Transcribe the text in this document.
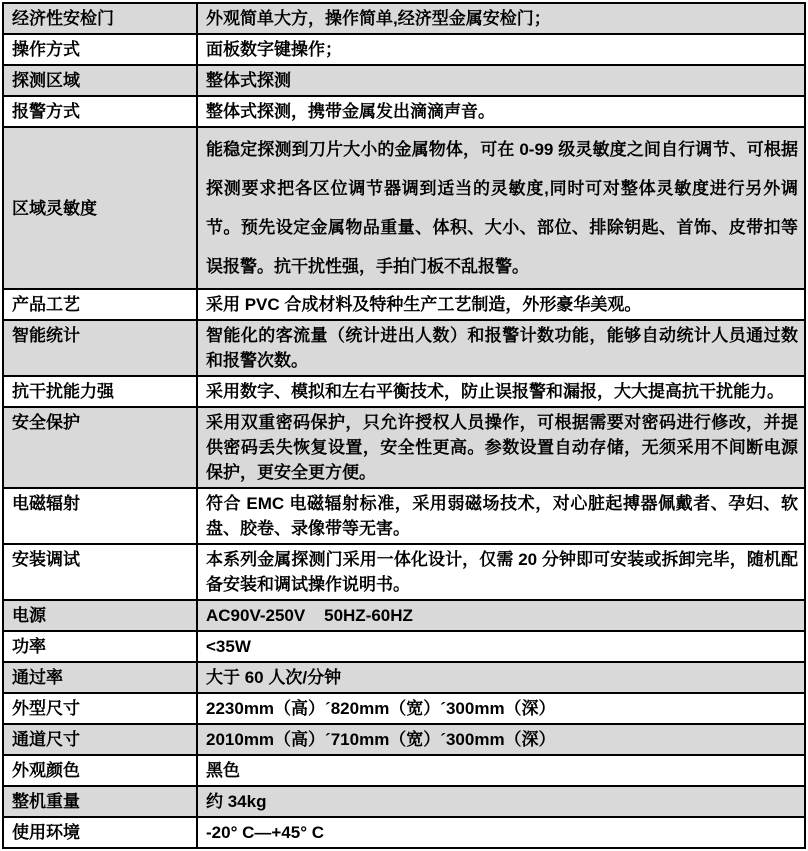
经济性安检门	外观简单大方，操作简单,经济型金属安检门；
操作方式	面板数字键操作；
探测区域	整体式探测
报警方式	整体式探测，携带金属发出滴滴声音。
区域灵敏度	能稳定探测到刀片大小的金属物体，可在 0-99 级灵敏度之间自行调节、可根据探测要求把各区位调节器调到适当的灵敏度,同时可对整体灵敏度进行另外调节。预先设定金属物品重量、体积、大小、部位、排除钥匙、首饰、皮带扣等误报警。抗干扰性强，手拍门板不乱报警。
产品工艺	采用 PVC 合成材料及特种生产工艺制造，外形豪华美观。
智能统计	智能化的客流量（统计进出人数）和报警计数功能，能够自动统计人员通过数和报警次数。
抗干扰能力强	采用数字、模拟和左右平衡技术，防止误报警和漏报，大大提高抗干扰能力。
安全保护	采用双重密码保护，只允许授权人员操作，可根据需要对密码进行修改，并提供密码丢失恢复设置，安全性更高。参数设置自动存储，无须采用不间断电源保护，更安全更方便。
电磁辐射	符合 EMC 电磁辐射标准，采用弱磁场技术，对心脏起搏器佩戴者、孕妇、软盘、胶卷、录像带等无害。
安装调试	本系列金属探测门采用一体化设计，仅需 20 分钟即可安装或拆卸完毕，随机配备安装和调试操作说明书。
电源	AC90V-250V    50HZ-60HZ
功率	<35W
通过率	大于 60 人次/分钟
外型尺寸	2230mm（高）´820mm（宽）´300mm（深）
通道尺寸	2010mm（高）´710mm（宽）´300mm（深）
外观颜色	黑色
整机重量	约 34kg
使用环境	-20° C—+45° C
